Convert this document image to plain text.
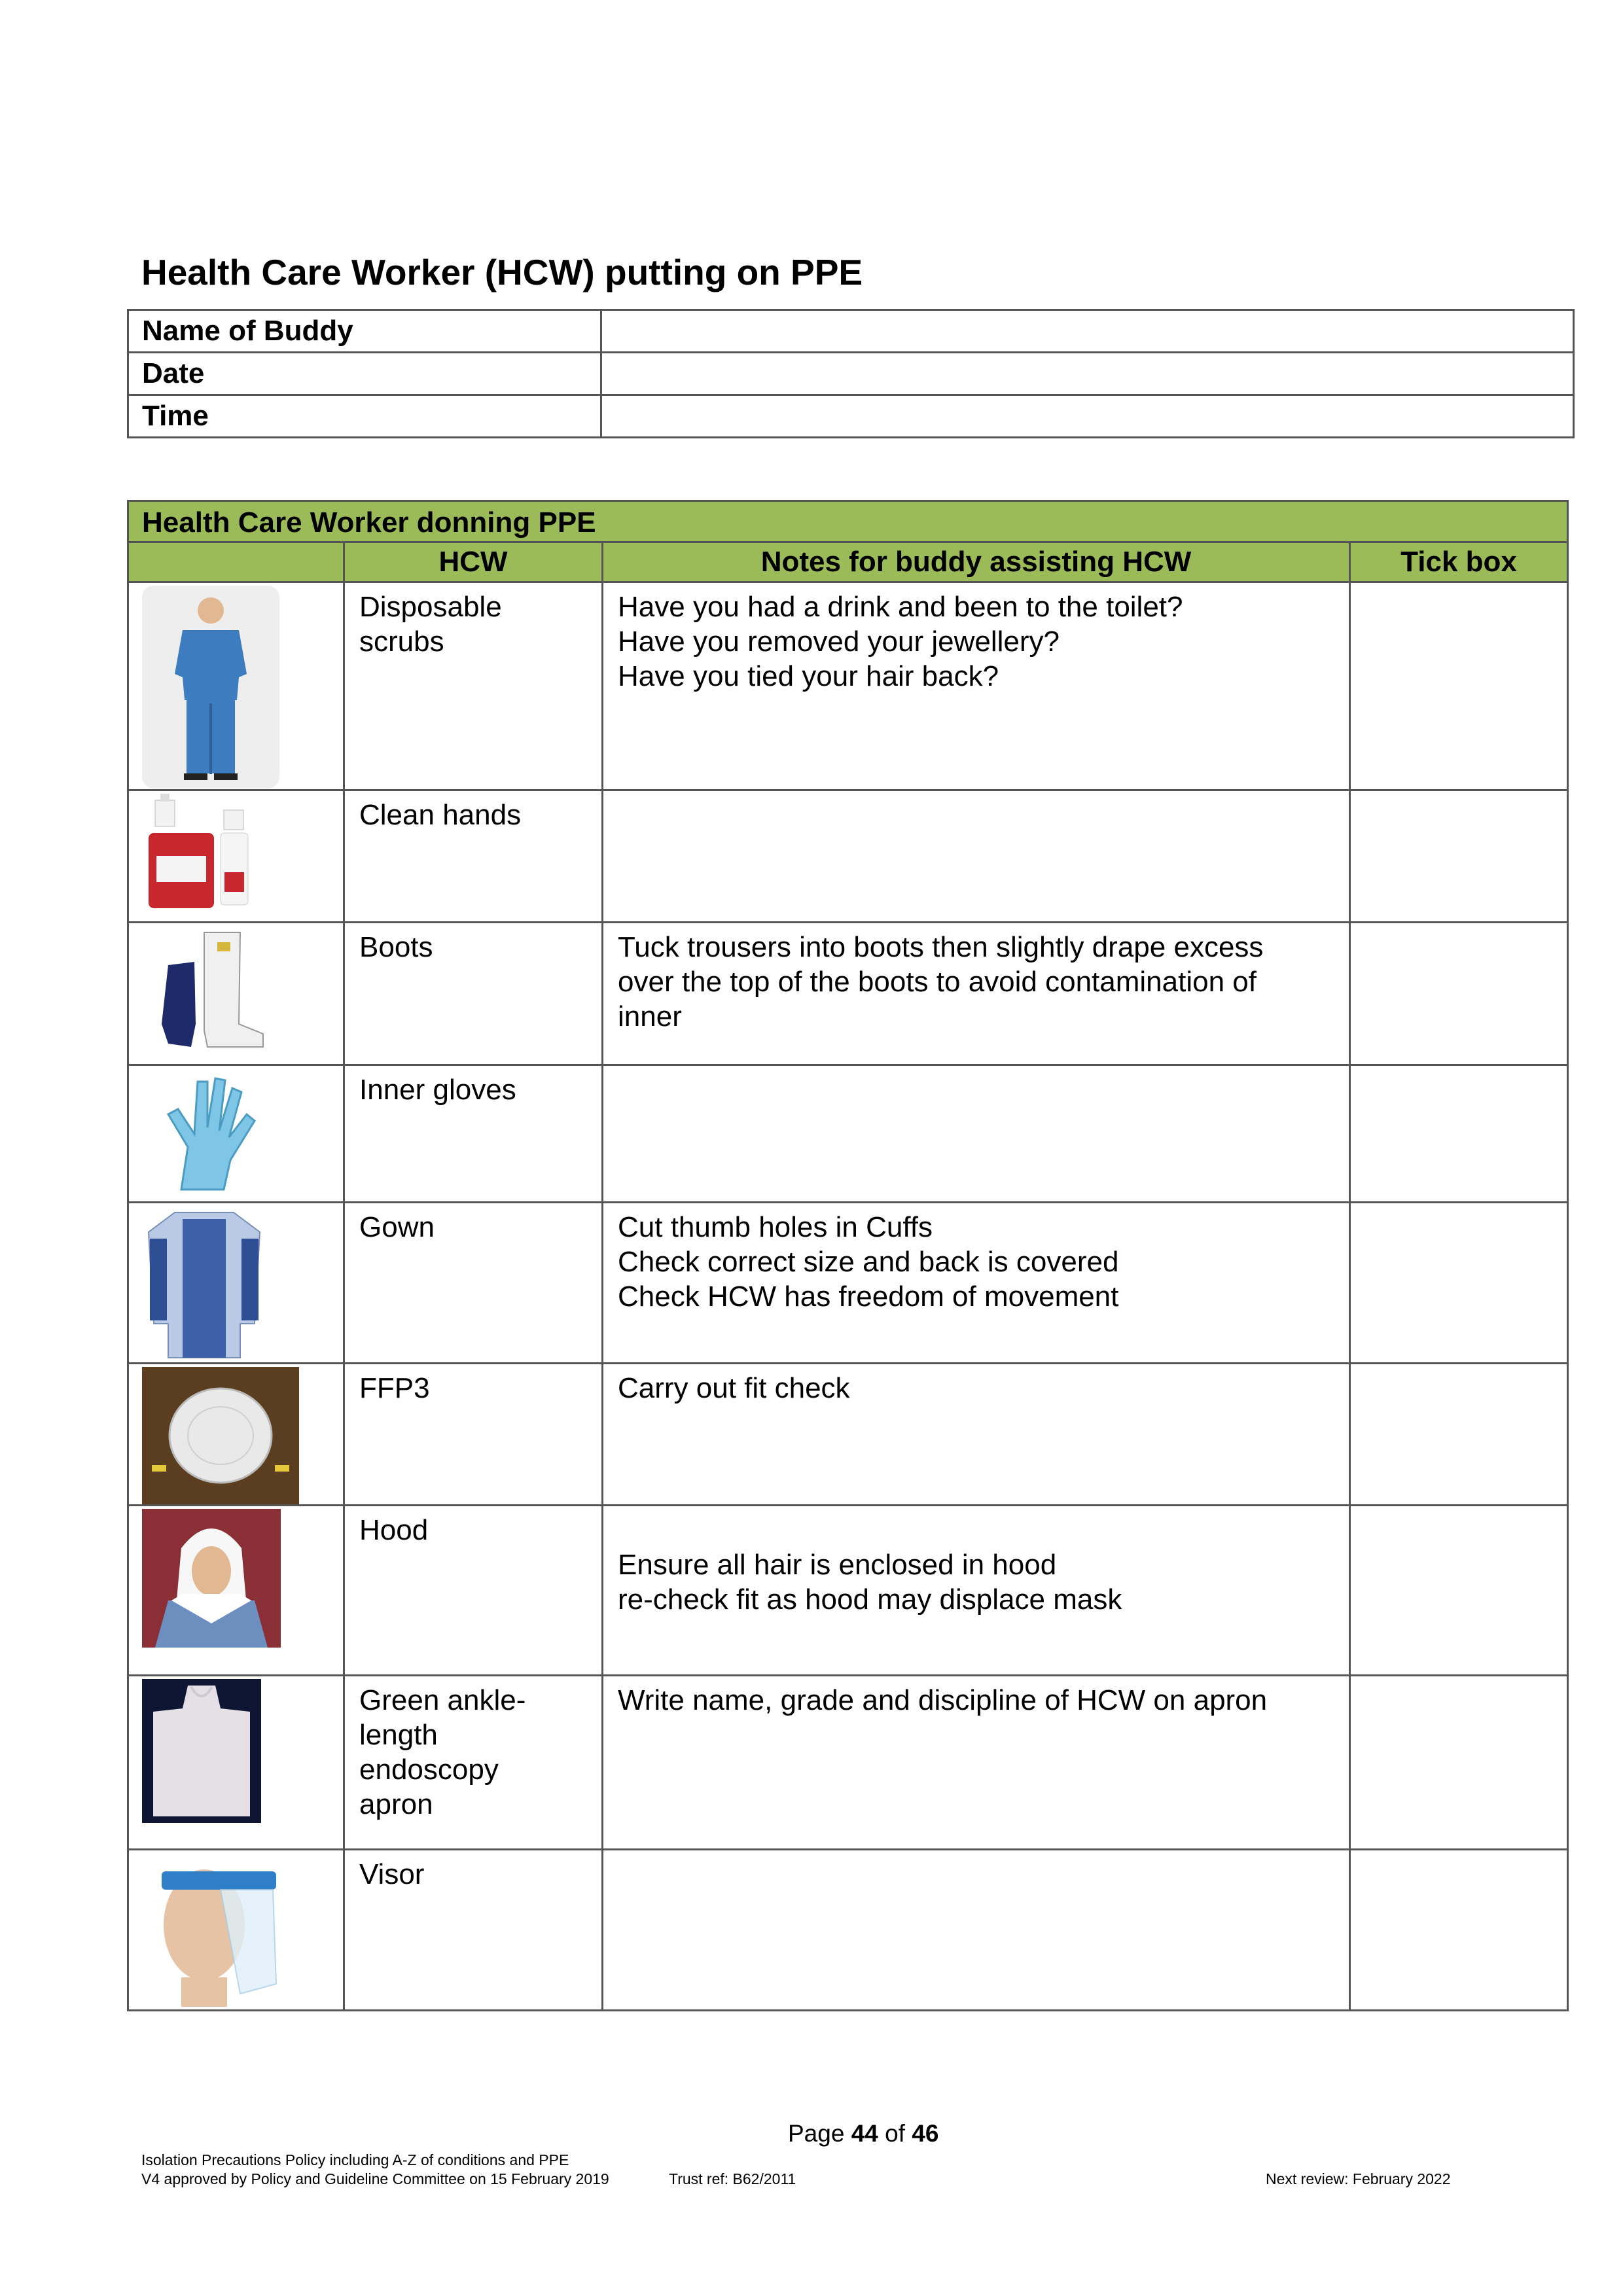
Health Care Worker (HCW) putting on PPE
Name of Buddy	
Date	
Time	
Health Care Worker donning PPE			
	HCW	Notes for buddy assisting HCW	Tick box

Disposable
scrubs	Have you had a drink and been to the toilet?
Have you removed your jewellery?
Have you tied your hair back?	

Clean hands		

Boots	Tuck trousers into boots then slightly drape excess
over the top of the boots to avoid contamination of
inner	

Inner gloves		

Gown	Cut thumb holes in Cuffs
Check correct size and back is covered
Check HCW has freedom of movement	

FFP3	Carry out fit check	

Hood	Ensure all hair is enclosed in hood
re-check fit as hood may displace mask	

Green ankle-
length
endoscopy
apron	Write name, grade and discipline of HCW on apron	

Visor		

Page 44 of 46
Isolation Precautions Policy including A-Z of conditions and PPE
V4 approved by Policy and Guideline Committee on 15 February 2019	Trust ref: B62/2011	Next review: February 2022
